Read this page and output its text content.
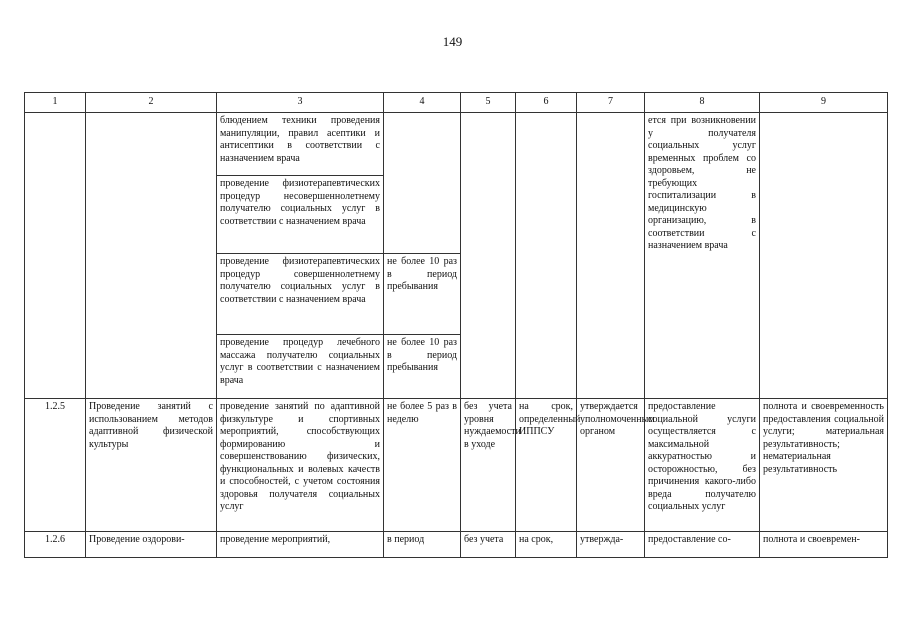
149
1	2	3	4	5	6	7	8	9
		блюдением техники проведения манипуляции, правил асептики и антисептики в соответствии с назначением врача					ется при возникновении у получателя социальных услуг временных проблем со здоровьем, не требующих госпитализации в медицинскую организацию, в соответствии с назначением врача	
		проведение физиотерапевтических процедур несовершеннолетнему получателю социальных услуг в соответствии с назначением врача						
		проведение физиотерапевтических процедур совершеннолетнему получателю социальных услуг в соответствии с назначением врача	не более 10 раз в период пребывания					
		проведение процедур лечебного массажа получателю социальных услуг в соответствии с назначением врача	не более 10 раз в период пребывания					
1.2.5	Проведение занятий с использованием методов адаптивной физической культуры	проведение занятий по адаптивной физкультуре и спортивных мероприятий, способствующих формированию и совершенствованию физических, функциональных и волевых качеств и способностей, с учетом состояния здоровья получателя социальных услуг	не более 5 раз в неделю	без учета уровня нуждаемости в уходе	на срок, определенный ИППСУ	утверждается уполномоченным органом	предоставление социальной услуги осуществляется с максимальной аккуратностью и осторожностью, без причинения какого-либо вреда получателю социальных услуг	полнота и своевременность предоставления социальной услуги; материальная результативность; нематериальная результативность
1.2.6	Проведение оздорови-	проведение мероприятий,	в период	без учета	на срок,	утвержда-	предоставление со-	полнота и своевремен-
